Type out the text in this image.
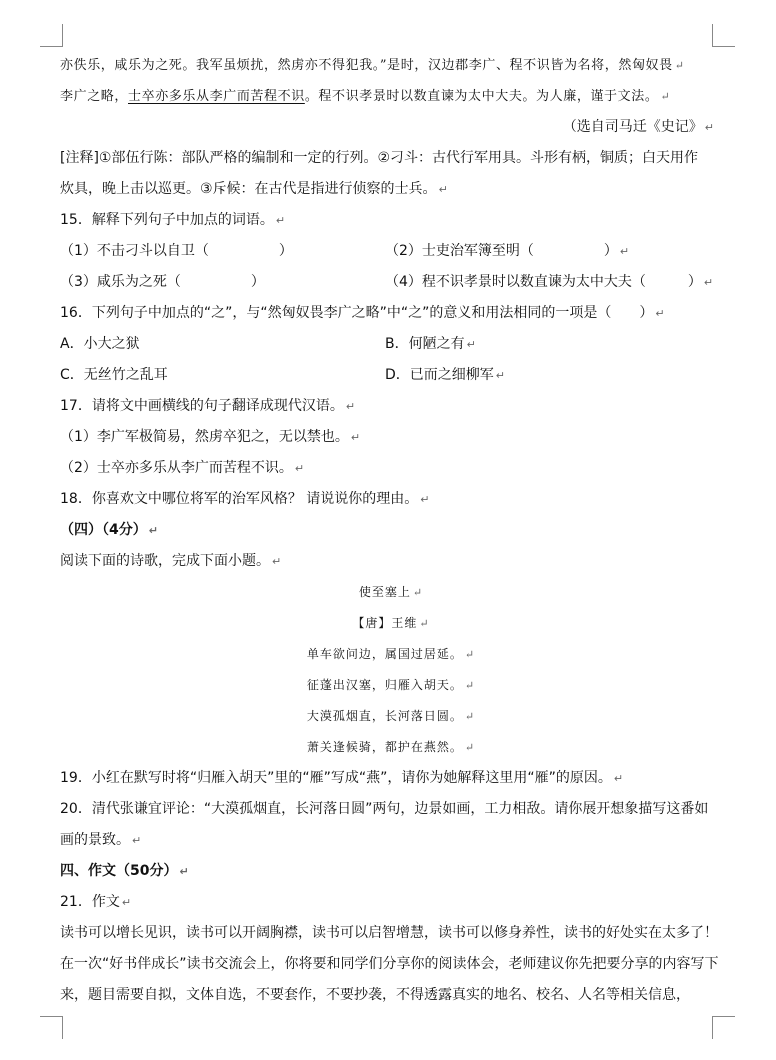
亦佚乐，咸乐为之死。我军虽烦扰，然虏亦不得犯我。”是时，汉边郡李广、程不识皆为名将，然匈奴畏 ↵
李广之略，士卒亦多乐从李广而苦程不识。程不识孝景时以数直谏为太中大夫。为人廉，谨于文法。 ↵
（选自司马迁《史记》 ↵
[注释]①部伍行陈：部队严格的编制和一定的行列。②刁斗：古代行军用具。斗形有柄，铜质；白天用作
炊具，晚上击以巡更。③斥候：在古代是指进行侦察的士兵。 ↵
15．解释下列句子中加点的词语。 ↵
（1）不击刁斗以自卫（　　　　　）	（2）士吏治军簿至明（　　　　　） ↵
（3）咸乐为之死（　　　　　）	（4）程不识孝景时以数直谏为太中大夫（　　　） ↵
16．下列句子中加点的“之”，与“然匈奴畏李广之略”中“之”的意义和用法相同的一项是（　　） ↵
A．小大之狱	B．何陋之有 ↵
C．无丝竹之乱耳	D．已而之细柳军 ↵
17．请将文中画横线的句子翻译成现代汉语。 ↵
（1）李广军极简易，然虏卒犯之，无以禁也。 ↵
（2）士卒亦多乐从李广而苦程不识。 ↵
18．你喜欢文中哪位将军的治军风格？ 请说说你的理由。 ↵
（四）（4分） ↵
阅读下面的诗歌，完成下面小题。 ↵
使至塞上 ↵
【唐】王维 ↵
单车欲问边，属国过居延。 ↵
征蓬出汉塞，归雁入胡天。 ↵
大漠孤烟直，长河落日圆。 ↵
萧关逢候骑，都护在燕然。 ↵
19．小红在默写时将“归雁入胡天”里的“雁”写成“燕”，请你为她解释这里用“雁”的原因。 ↵
20．清代张谦宜评论：“大漠孤烟直，长河落日圆”两句，边景如画，工力相敌。请你展开想象描写这番如画的景致。 ↵
四、作文（50分） ↵
21．作文 ↵
读书可以增长见识，读书可以开阔胸襟，读书可以启智增慧，读书可以修身养性，读书的好处实在太多了！
在一次“好书伴成长”读书交流会上，你将要和同学们分享你的阅读体会，老师建议你先把要分享的内容写下来，题目需要自拟，文体自选，不要套作，不要抄袭，不得透露真实的地名、校名、人名等相关信息，
